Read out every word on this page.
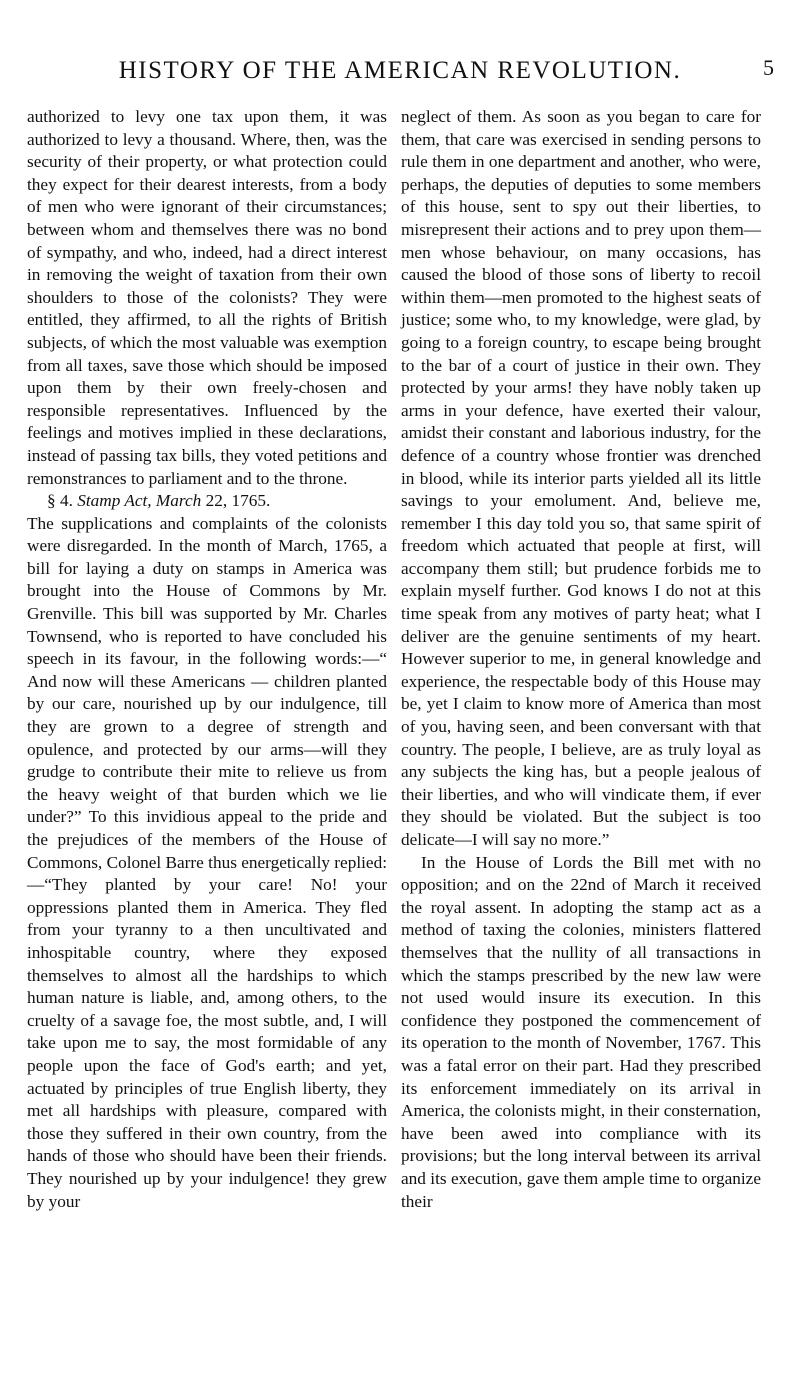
HISTORY OF THE AMERICAN REVOLUTION.	5

authorized to levy one tax upon them, it was authorized to levy a thousand. Where, then, was the security of their property, or what protection could they expect for their dearest interests, from a body of men who were ignorant of their circumstances; between whom and themselves there was no bond of sympathy, and who, indeed, had a direct interest in removing the weight of taxation from their own shoulders to those of the colonists? They were entitled, they affirmed, to all the rights of British subjects, of which the most valuable was exemption from all taxes, save those which should be imposed upon them by their own freely-chosen and responsible representatives. Influenced by the feelings and motives implied in these declarations, instead of passing tax bills, they voted petitions and remonstrances to parliament and to the throne.

§ 4. Stamp Act, March 22, 1765.

The supplications and complaints of the colonists were disregarded. In the month of March, 1765, a bill for laying a duty on stamps in America was brought into the House of Commons by Mr. Grenville. This bill was supported by Mr. Charles Townsend, who is reported to have concluded his speech in its favour, in the following words:—“ And now will these Americans — children planted by our care, nourished up by our indulgence, till they are grown to a degree of strength and opulence, and protected by our arms—will they grudge to contribute their mite to relieve us from the heavy weight of that burden which we lie under?” To this invidious appeal to the pride and the prejudices of the members of the House of Commons, Colonel Barre thus energetically replied:—“They planted by your care! No! your oppressions planted them in America. They fled from your tyranny to a then uncultivated and inhospitable country, where they exposed themselves to almost all the hardships to which human nature is liable, and, among others, to the cruelty of a savage foe, the most subtle, and, I will take upon me to say, the most formidable of any people upon the face of God's earth; and yet, actuated by principles of true English liberty, they met all hardships with pleasure, compared with those they suffered in their own country, from the hands of those who should have been their friends. They nourished up by your indulgence! they grew by your

neglect of them. As soon as you began to care for them, that care was exercised in sending persons to rule them in one department and another, who were, perhaps, the deputies of deputies to some members of this house, sent to spy out their liberties, to misrepresent their actions and to prey upon them—men whose behaviour, on many occasions, has caused the blood of those sons of liberty to recoil within them—men promoted to the highest seats of justice; some who, to my knowledge, were glad, by going to a foreign country, to escape being brought to the bar of a court of justice in their own. They protected by your arms! they have nobly taken up arms in your defence, have exerted their valour, amidst their constant and laborious industry, for the defence of a country whose frontier was drenched in blood, while its interior parts yielded all its little savings to your emolument. And, believe me, remember I this day told you so, that same spirit of freedom which actuated that people at first, will accompany them still; but prudence forbids me to explain myself further. God knows I do not at this time speak from any motives of party heat; what I deliver are the genuine sentiments of my heart. However superior to me, in general knowledge and experience, the respectable body of this House may be, yet I claim to know more of America than most of you, having seen, and been conversant with that country. The people, I believe, are as truly loyal as any subjects the king has, but a people jealous of their liberties, and who will vindicate them, if ever they should be violated. But the subject is too delicate—I will say no more.”

In the House of Lords the Bill met with no opposition; and on the 22nd of March it received the royal assent. In adopting the stamp act as a method of taxing the colonies, ministers flattered themselves that the nullity of all transactions in which the stamps prescribed by the new law were not used would insure its execution. In this confidence they postponed the commencement of its operation to the month of November, 1767. This was a fatal error on their part. Had they prescribed its enforcement immediately on its arrival in America, the colonists might, in their consternation, have been awed into compliance with its provisions; but the long interval between its arrival and its execution, gave them ample time to organize their
